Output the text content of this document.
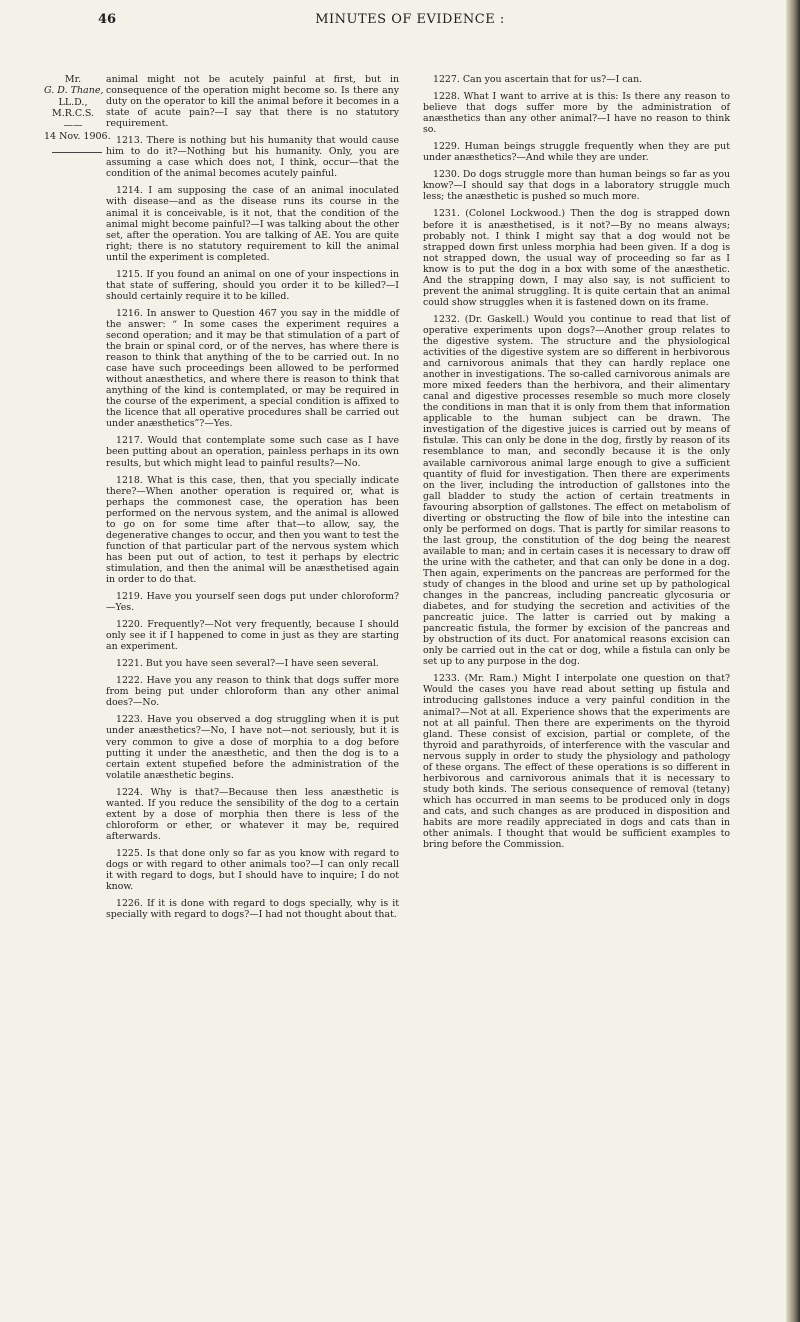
46	MINUTES OF EVIDENCE :
Mr.
G. D. Thane,
LL.D.,
M.R.C.S.
——
14 Nov. 1906.

animal might not be acutely painful at first, but in consequence of the operation might become so. Is there any duty on the operator to kill the animal before it becomes in a state of acute pain?—I say that there is no statutory requirement.

1213. There is nothing but his humanity that would cause him to do it?—Nothing but his humanity. Only, you are assuming a case which does not, I think, occur—that the condition of the animal becomes acutely painful.

1214. I am supposing the case of an animal inoculated with disease—and as the disease runs its course in the animal it is conceivable, is it not, that the condition of the animal might become painful?—I was talking about the other set, after the operation. You are talking of AE. You are quite right; there is no statutory requirement to kill the animal until the experiment is completed.

1215. If you found an animal on one of your inspections in that state of suffering, should you order it to be killed?—I should certainly require it to be killed.

1216. In answer to Question 467 you say in the middle of the answer: “ In some cases the experiment requires a second operation; and it may be that stimulation of a part of the brain or spinal cord, or of the nerves, has where there is reason to think that anything of the to be carried out. In no case have such proceedings been allowed to be performed without anæsthetics, and where there is reason to think that anything of the kind is contemplated, or may be required in the course of the experiment, a special condition is affixed to the licence that all operative procedures shall be carried out under anæsthetics”?—Yes.

1217. Would that contemplate some such case as I have been putting about an operation, painless perhaps in its own results, but which might lead to painful results?—No.

1218. What is this case, then, that you specially indicate there?—When another operation is required or, what is perhaps the commonest case, the operation has been performed on the nervous system, and the animal is allowed to go on for some time after that—to allow, say, the degenerative changes to occur, and then you want to test the function of that particular part of the nervous system which has been put out of action, to test it perhaps by electric stimulation, and then the animal will be anæsthetised again in order to do that.

1219. Have you yourself seen dogs put under chloroform?—Yes.

1220. Frequently?—Not very frequently, because I should only see it if I happened to come in just as they are starting an experiment.

1221. But you have seen several?—I have seen several.

1222. Have you any reason to think that dogs suffer more from being put under chloroform than any other animal does?—No.

1223. Have you observed a dog struggling when it is put under anæsthetics?—No, I have not—not seriously, but it is very common to give a dose of morphia to a dog before putting it under the anæsthetic, and then the dog is to a certain extent stupefied before the administration of the volatile anæsthetic begins.

1224. Why is that?—Because then less anæsthetic is wanted. If you reduce the sensibility of the dog to a certain extent by a dose of morphia then there is less of the chloroform or ether, or whatever it may be, required afterwards.

1225. Is that done only so far as you know with regard to dogs or with regard to other animals too?—I can only recall it with regard to dogs, but I should have to inquire; I do not know.

1226. If it is done with regard to dogs specially, why is it specially with regard to dogs?—I had not thought about that.

1227. Can you ascertain that for us?—I can.

1228. What I want to arrive at is this: Is there any reason to believe that dogs suffer more by the administration of anæsthetics than any other animal?—I have no reason to think so.

1229. Human beings struggle frequently when they are put under anæsthetics?—And while they are under.

1230. Do dogs struggle more than human beings so far as you know?—I should say that dogs in a laboratory struggle much less; the anæsthetic is pushed so much more.

1231. (Colonel Lockwood.) Then the dog is strapped down before it is anæsthetised, is it not?—By no means always; probably not. I think I might say that a dog would not be strapped down first unless morphia had been given. If a dog is not strapped down, the usual way of proceeding so far as I know is to put the dog in a box with some of the anæsthetic. And the strapping down, I may also say, is not sufficient to prevent the animal struggling. It is quite certain that an animal could show struggles when it is fastened down on its frame.

1232. (Dr. Gaskell.) Would you continue to read that list of operative experiments upon dogs?—Another group relates to the digestive system. The structure and the physiological activities of the digestive system are so different in herbivorous and carnivorous animals that they can hardly replace one another in investigations. The so-called carnivorous animals are more mixed feeders than the herbivora, and their alimentary canal and digestive processes resemble so much more closely the conditions in man that it is only from them that information applicable to the human subject can be drawn. The investigation of the digestive juices is carried out by means of fistulæ. This can only be done in the dog, firstly by reason of its resemblance to man, and secondly because it is the only available carnivorous animal large enough to give a sufficient quantity of fluid for investigation. Then there are experiments on the liver, including the introduction of gallstones into the gall bladder to study the action of certain treatments in favouring absorption of gallstones. The effect on metabolism of diverting or obstructing the flow of bile into the intestine can only be performed on dogs. That is partly for similar reasons to the last group, the constitution of the dog being the nearest available to man; and in certain cases it is necessary to draw off the urine with the catheter, and that can only be done in a dog. Then again, experiments on the pancreas are performed for the study of changes in the blood and urine set up by pathological changes in the pancreas, including pancreatic glycosuria or diabetes, and for studying the secretion and activities of the pancreatic juice. The latter is carried out by making a pancreatic fistula, the former by excision of the pancreas and by obstruction of its duct. For anatomical reasons excision can only be carried out in the cat or dog, while a fistula can only be set up to any purpose in the dog.

1233. (Mr. Ram.) Might I interpolate one question on that? Would the cases you have read about setting up fistula and introducing gallstones induce a very painful condition in the animal?—Not at all. Experience shows that the experiments are not at all painful. Then there are experiments on the thyroid gland. These consist of excision, partial or complete, of the thyroid and parathyroids, of interference with the vascular and nervous supply in order to study the physiology and pathology of these organs. The effect of these operations is so different in herbivorous and carnivorous animals that it is necessary to study both kinds. The serious consequence of removal (tetany) which has occurred in man seems to be produced only in dogs and cats, and such changes as are produced in disposition and habits are more readily appreciated in dogs and cats than in other animals. I thought that would be sufficient examples to bring before the Commission.
